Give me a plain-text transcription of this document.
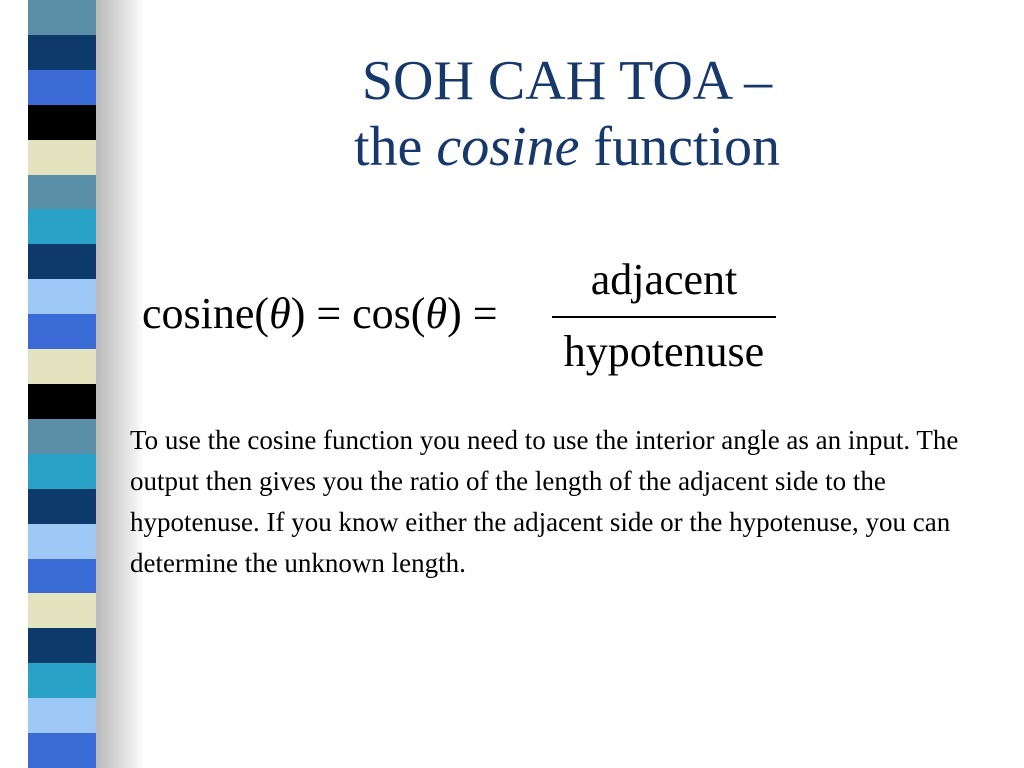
SOH CAH TOA –
the cosine function
cosine(θ) = cos(θ) =
adjacent
hypotenuse
To use the cosine function you need to use the interior angle as an input. The output then gives you the ratio of the length of the adjacent side to the hypotenuse. If you know either the adjacent side or the hypotenuse, you can determine the unknown length.
